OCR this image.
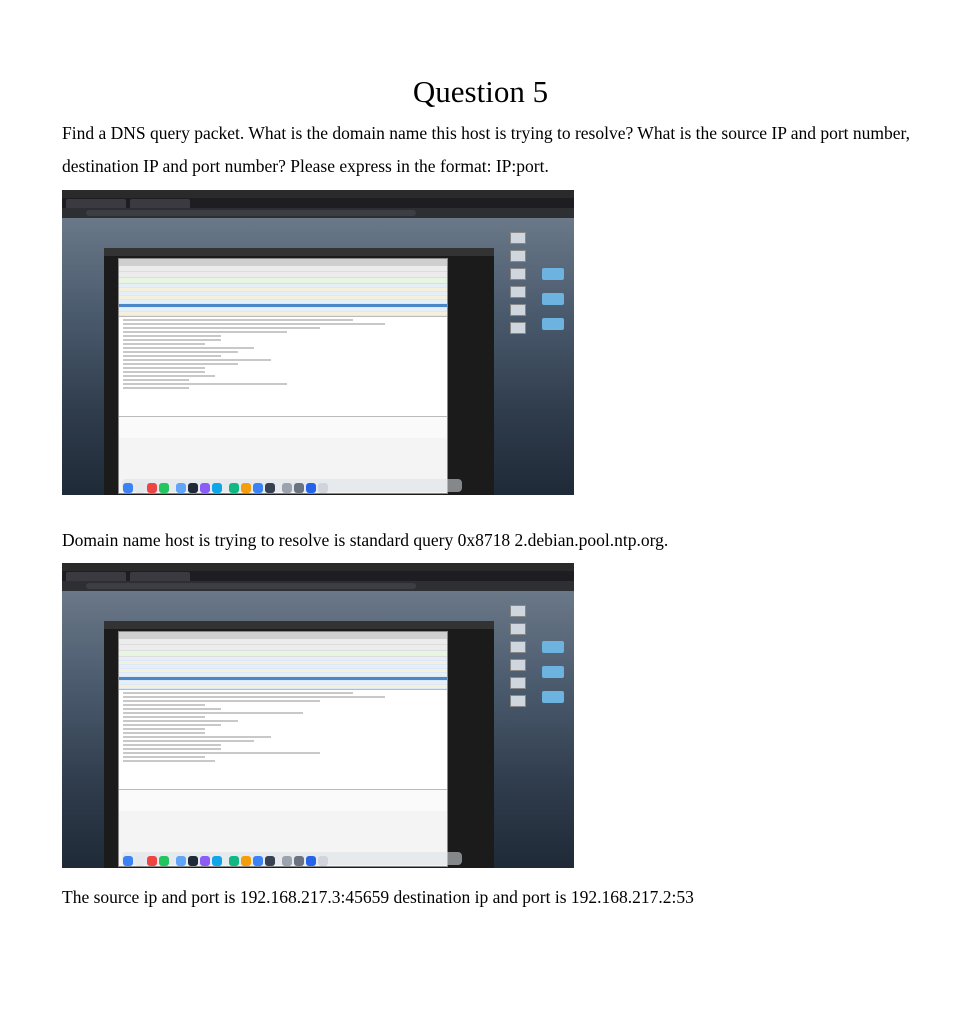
Question 5

Find a DNS query packet. What is the domain name this host is trying to resolve? What is the source IP and port number, destination IP and port number? Please express in the format: IP:port.

Domain name host is trying to resolve is standard query 0x8718 2.debian.pool.ntp.org.

The source ip and port is 192.168.217.3:45659 destination ip and port is 192.168.217.2:53
